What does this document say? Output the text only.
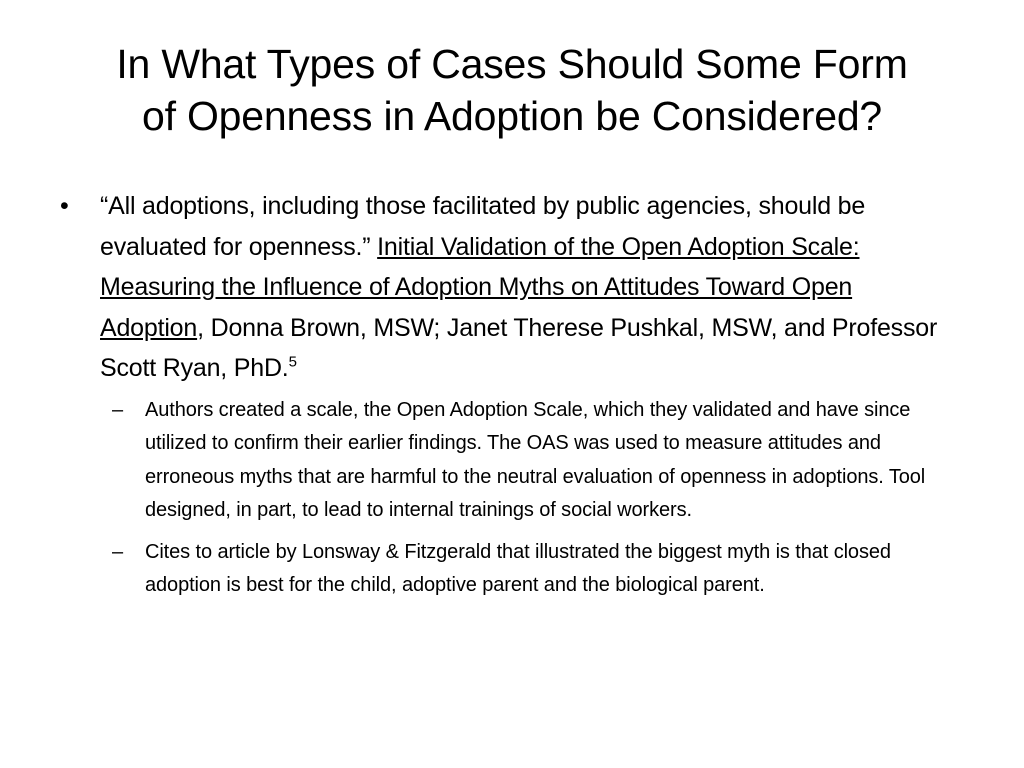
In What Types of Cases Should Some Form
of Openness in Adoption be Considered?
•	“All adoptions, including those facilitated by public agencies, should be evaluated for openness.” Initial Validation of the Open Adoption Scale: Measuring the Influence of Adoption Myths on Attitudes Toward Open Adoption, Donna Brown, MSW; Janet Therese Pushkal, MSW, and Professor Scott Ryan, PhD.$^5$
– Authors created a scale, the Open Adoption Scale, which they validated and have since utilized to confirm their earlier findings. The OAS was used to measure attitudes and erroneous myths that are harmful to the neutral evaluation of openness in adoptions. Tool designed, in part, to lead to internal trainings of social workers.
– Cites to article by Lonsway & Fitzgerald that illustrated the biggest myth is that closed adoption is best for the child, adoptive parent and the biological parent.
